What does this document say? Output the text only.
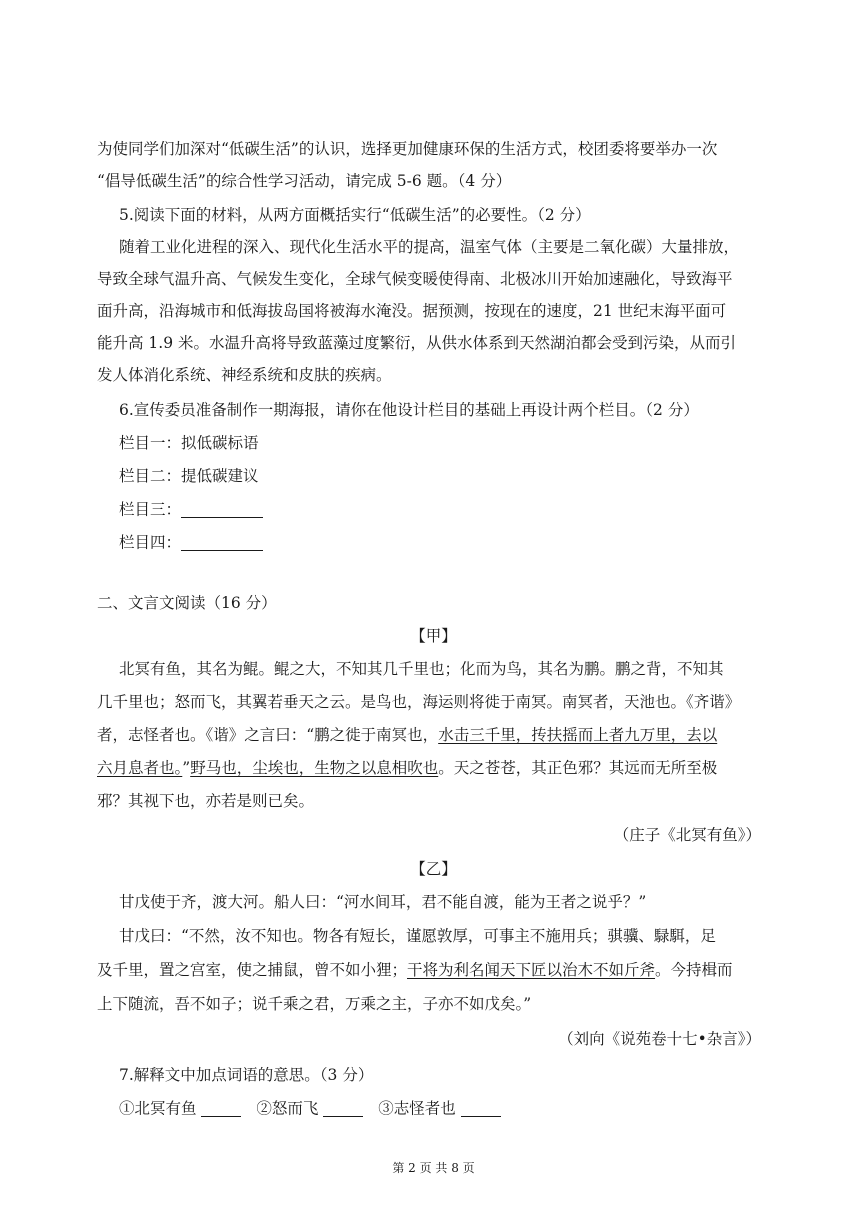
为使同学们加深对“低碳生活”的认识，选择更加健康环保的生活方式，校团委将要举办一次
“倡导低碳生活”的综合性学习活动，请完成 5-6 题。（4 分）
5.阅读下面的材料，从两方面概括实行“低碳生活”的必要性。（2 分）
随着工业化进程的深入、现代化生活水平的提高，温室气体（主要是二氧化碳）大量排放，
导致全球气温升高、气候发生变化，全球气候变暖使得南、北极冰川开始加速融化，导致海平
面升高，沿海城市和低海拔岛国将被海水淹没。据预测，按现在的速度，21 世纪末海平面可
能升高 1.9 米。水温升高将导致蓝藻过度繁衍，从供水体系到天然湖泊都会受到污染，从而引
发人体消化系统、神经系统和皮肤的疾病。
6.宣传委员准备制作一期海报，请你在他设计栏目的基础上再设计两个栏目。（2 分）
栏目一：拟低碳标语
栏目二：提低碳建议
栏目三：
栏目四：
二、文言文阅读（16 分）
【甲】
北冥有鱼，其名为鲲。鲲之大，不知其几千里也；化而为鸟，其名为鹏。鹏之背，不知其
几千里也；怒而飞，其翼若垂天之云。是鸟也，海运则将徙于南冥。南冥者，天池也。《齐谐》
者，志怪者也。《谐》之言曰：“鹏之徙于南冥也，水击三千里，抟扶摇而上者九万里，去以
六月息者也。”野马也，尘埃也，生物之以息相吹也。天之苍苍，其正色邪？其远而无所至极
邪？其视下也，亦若是则已矣。
（庄子《北冥有鱼》）
【乙】
甘戊使于齐，渡大河。船人曰：“河水间耳，君不能自渡，能为王者之说乎？”
甘戊曰：“不然，汝不知也。物各有短长，谨愿敦厚，可事主不施用兵；骐骥、騄駬，足
及千里，置之宫室，使之捕鼠，曾不如小狸；干将为利名闻天下匠以治木不如斤斧。今持楫而
上下随流，吾不如子；说千乘之君，万乘之主，子亦不如戊矣。”
（刘向《说苑卷十七•杂言》）
7.解释文中加点词语的意思。（3 分）
①北冥有鱼	②怒而飞	③志怪者也
第 2 页 共 8 页
